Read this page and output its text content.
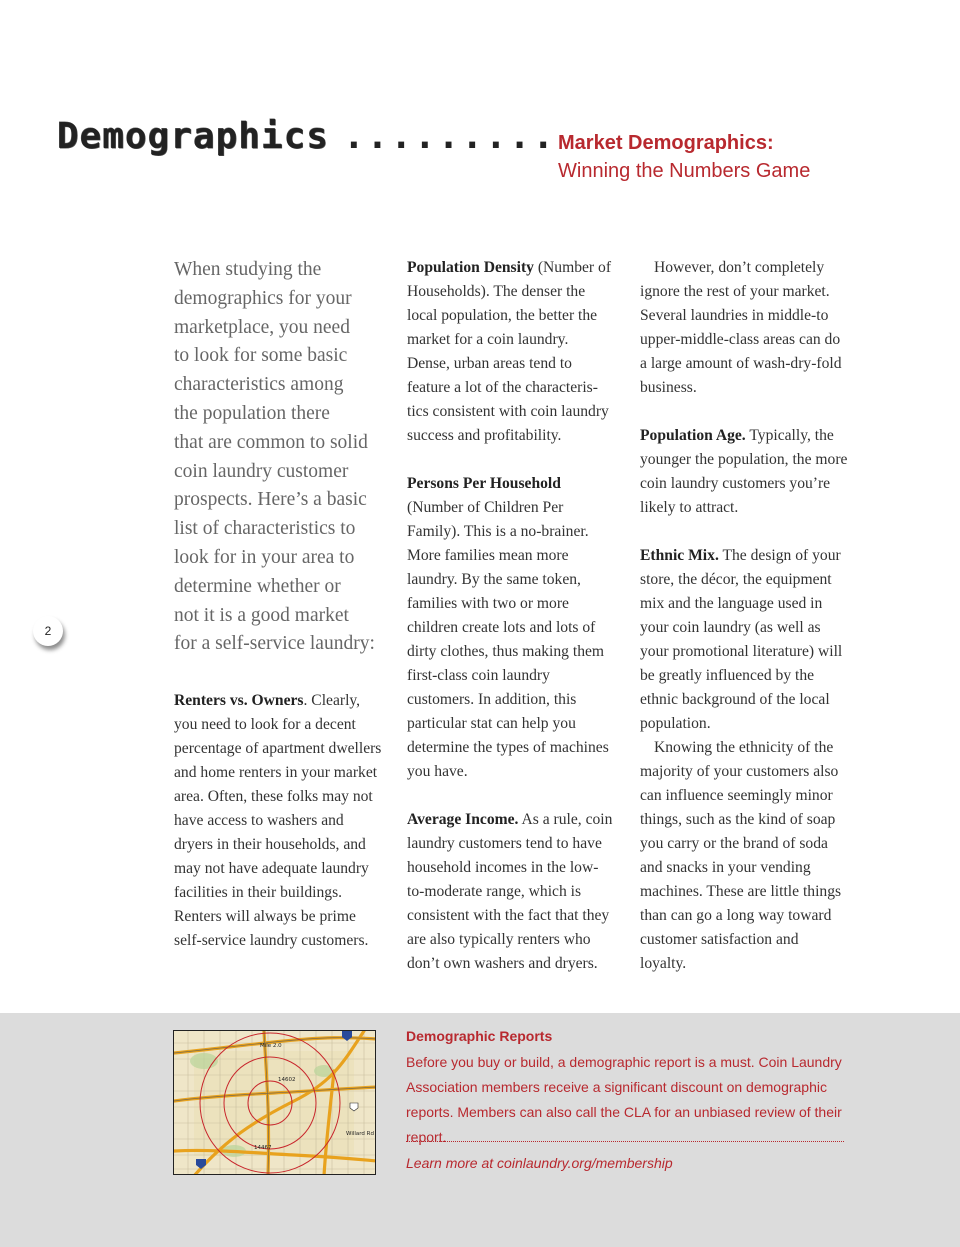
Demographics ......... Market Demographics:
Winning the Numbers Game
2
When studying the
demographics for your
marketplace, you need
to look for some basic
characteristics among
the population there
that are common to solid
coin laundry customer
prospects. Here’s a basic
list of characteristics to
look for in your area to
determine whether or
not it is a good market
for a self-service laundry:

Renters vs. Owners. Clearly, you need to look for a decent percentage of apartment dwellers and home renters in your market area. Often, these folks may not have access to washers and dryers in their households, and may not have adequate laundry facilities in their buildings. Renters will always be prime self-service laundry customers.

Population Density (Number of Households). The denser the local population, the better the market for a coin laundry. Dense, urban areas tend to feature a lot of the characteris-tics consistent with coin laundry success and profitability.

Persons Per Household (Number of Children Per Family). This is a no-brainer. More families mean more laundry. By the same token, families with two or more children create lots and lots of dirty clothes, thus making them first-class coin laundry customers. In addition, this particular stat can help you determine the types of machines you have.

Average Income. As a rule, coin laundry customers tend to have household incomes in the low-to-moderate range, which is consistent with the fact that they are also typically renters who don’t own washers and dryers.

However, don’t completely ignore the rest of your market. Several laundries in middle-to upper-middle-class areas can do a large amount of wash-dry-fold business.

Population Age. Typically, the younger the population, the more coin laundry customers you’re likely to attract.

Ethnic Mix. The design of your store, the décor, the equipment mix and the language used in your coin laundry (as well as your promotional literature) will be greatly influenced by the ethnic background of the local population.

Knowing the ethnicity of the majority of your customers also can influence seemingly minor things, such as the kind of soap you carry or the brand of soda and snacks in your vending machines. These are little things than can go a long way toward customer satisfaction and loyalty.

14602
14467
Willard Rd
Mile 2.0
Demographic Reports
Before you buy or build, a demographic report is a must. Coin Laundry Association members receive a significant discount on demographic reports. Members can also call the CLA for an unbiased review of their report.
Learn more at coinlaundry.org/membership
